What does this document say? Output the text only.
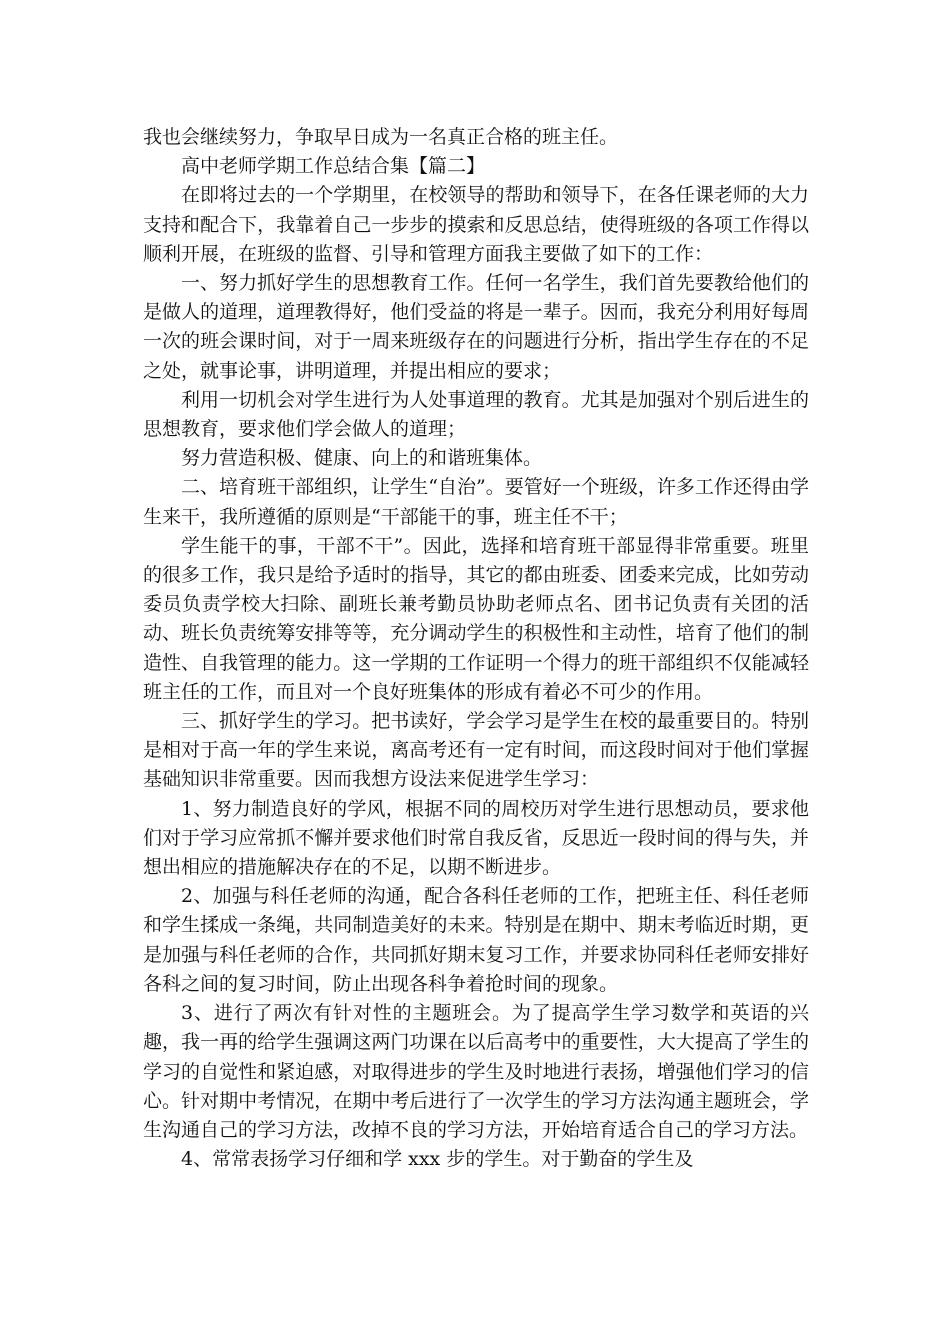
我也会继续努力，争取早日成为一名真正合格的班主任。

高中老师学期工作总结合集【篇二】

在即将过去的一个学期里，在校领导的帮助和领导下，在各任课老师的大力支持和配合下，我靠着自己一步步的摸索和反思总结，使得班级的各项工作得以顺利开展，在班级的监督、引导和管理方面我主要做了如下的工作：

一、努力抓好学生的思想教育工作。任何一名学生，我们首先要教给他们的是做人的道理，道理教得好，他们受益的将是一辈子。因而，我充分利用好每周一次的班会课时间，对于一周来班级存在的问题进行分析，指出学生存在的不足之处，就事论事，讲明道理，并提出相应的要求；

利用一切机会对学生进行为人处事道理的教育。尤其是加强对个别后进生的思想教育，要求他们学会做人的道理；

努力营造积极、健康、向上的和谐班集体。

二、培育班干部组织，让学生“自治”。要管好一个班级，许多工作还得由学生来干，我所遵循的原则是“干部能干的事，班主任不干；

学生能干的事，干部不干”。因此，选择和培育班干部显得非常重要。班里的很多工作，我只是给予适时的指导，其它的都由班委、团委来完成，比如劳动委员负责学校大扫除、副班长兼考勤员协助老师点名、团书记负责有关团的活动、班长负责统筹安排等等，充分调动学生的积极性和主动性，培育了他们的制造性、自我管理的能力。这一学期的工作证明一个得力的班干部组织不仅能减轻班主任的工作，而且对一个良好班集体的形成有着必不可少的作用。

三、抓好学生的学习。把书读好，学会学习是学生在校的最重要目的。特别是相对于高一年的学生来说，离高考还有一定有时间，而这段时间对于他们掌握基础知识非常重要。因而我想方设法来促进学生学习：

1、努力制造良好的学风，根据不同的周校历对学生进行思想动员，要求他们对于学习应常抓不懈并要求他们时常自我反省，反思近一段时间的得与失，并想出相应的措施解决存在的不足，以期不断进步。

2、加强与科任老师的沟通，配合各科任老师的工作，把班主任、科任老师和学生揉成一条绳，共同制造美好的未来。特别是在期中、期末考临近时期，更是加强与科任老师的合作，共同抓好期末复习工作，并要求协同科任老师安排好各科之间的复习时间，防止出现各科争着抢时间的现象。

3、进行了两次有针对性的主题班会。为了提高学生学习数学和英语的兴趣，我一再的给学生强调这两门功课在以后高考中的重要性，大大提高了学生的学习的自觉性和紧迫感，对取得进步的学生及时地进行表扬，增强他们学习的信心。针对期中考情况，在期中考后进行了一次学生的学习方法沟通主题班会，学生沟通自己的学习方法，改掉不良的学习方法，开始培育适合自己的学习方法。

4、常常表扬学习仔细和学 xxx 步的学生。对于勤奋的学生及
